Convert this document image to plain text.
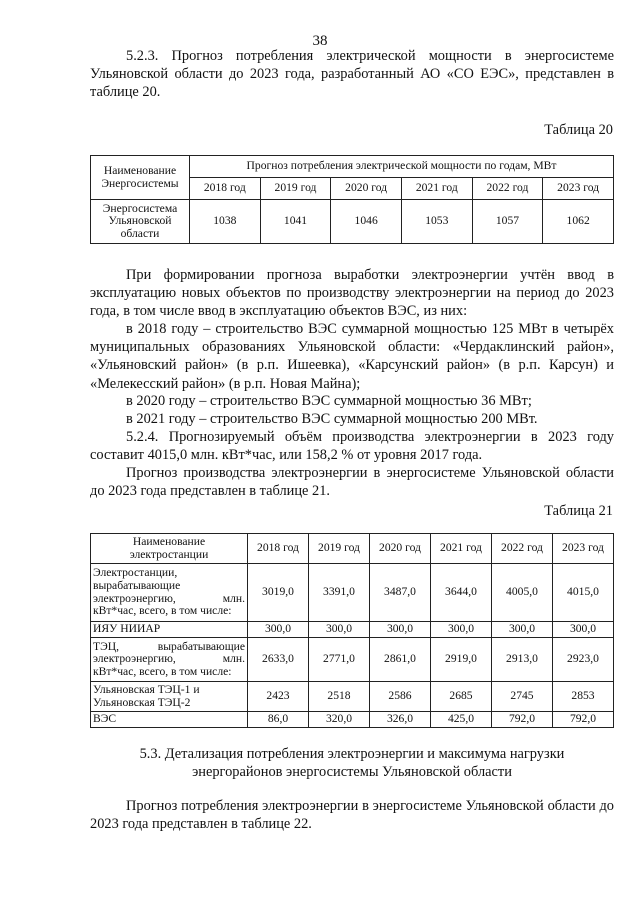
38
5.2.3. Прогноз потребления электрической мощности в энергосистеме Ульяновской области до 2023 года, разработанный АО «СО ЕЭС», представлен в таблице 20.
Таблица 20
Наименование Энергосистемы	Прогноз потребления электрической мощности по годам, МВт					
	2018 год	2019 год	2020 год	2021 год	2022 год	2023 год
Энергосистема Ульяновской области	1038	1041	1046	1053	1057	1062
При формировании прогноза выработки электроэнергии учтён ввод в эксплуатацию новых объектов по производству электроэнергии на период до 2023 года, в том числе ввод в эксплуатацию объектов ВЭС, из них:
в 2018 году – строительство ВЭС суммарной мощностью 125 МВт в четырёх муниципальных образованиях Ульяновской области: «Чердаклинский район», «Ульяновский район» (в р.п. Ишеевка), «Карсунский район» (в р.п. Карсун) и «Мелекесский район» (в р.п. Новая Майна);
в 2020 году – строительство ВЭС суммарной мощностью 36 МВт;
в 2021 году – строительство ВЭС суммарной мощностью 200 МВт.
5.2.4. Прогнозируемый объём производства электроэнергии в 2023 году составит 4015,0 млн. кВт*час, или 158,2 % от уровня 2017 года.
Прогноз производства электроэнергии в энергосистеме Ульяновской области до 2023 года представлен в таблице 21.
Таблица 21
Наименование электростанции	2018 год	2019 год	2020 год	2021 год	2022 год	2023 год
Электростанции, вырабатывающие электроэнергию, млн. кВт*час, всего, в том числе:	3019,0	3391,0	3487,0	3644,0	4005,0	4015,0
ИЯУ НИИАР	300,0	300,0	300,0	300,0	300,0	300,0
ТЭЦ, вырабатывающие электроэнергию, млн. кВт*час, всего, в том числе:	2633,0	2771,0	2861,0	2919,0	2913,0	2923,0
Ульяновская ТЭЦ-1 и Ульяновская ТЭЦ-2	2423	2518	2586	2685	2745	2853
ВЭС	86,0	320,0	326,0	425,0	792,0	792,0
5.3. Детализация потребления электроэнергии и максимума нагрузки энергорайонов энергосистемы Ульяновской области
Прогноз потребления электроэнергии в энергосистеме Ульяновской области до 2023 года представлен в таблице 22.
